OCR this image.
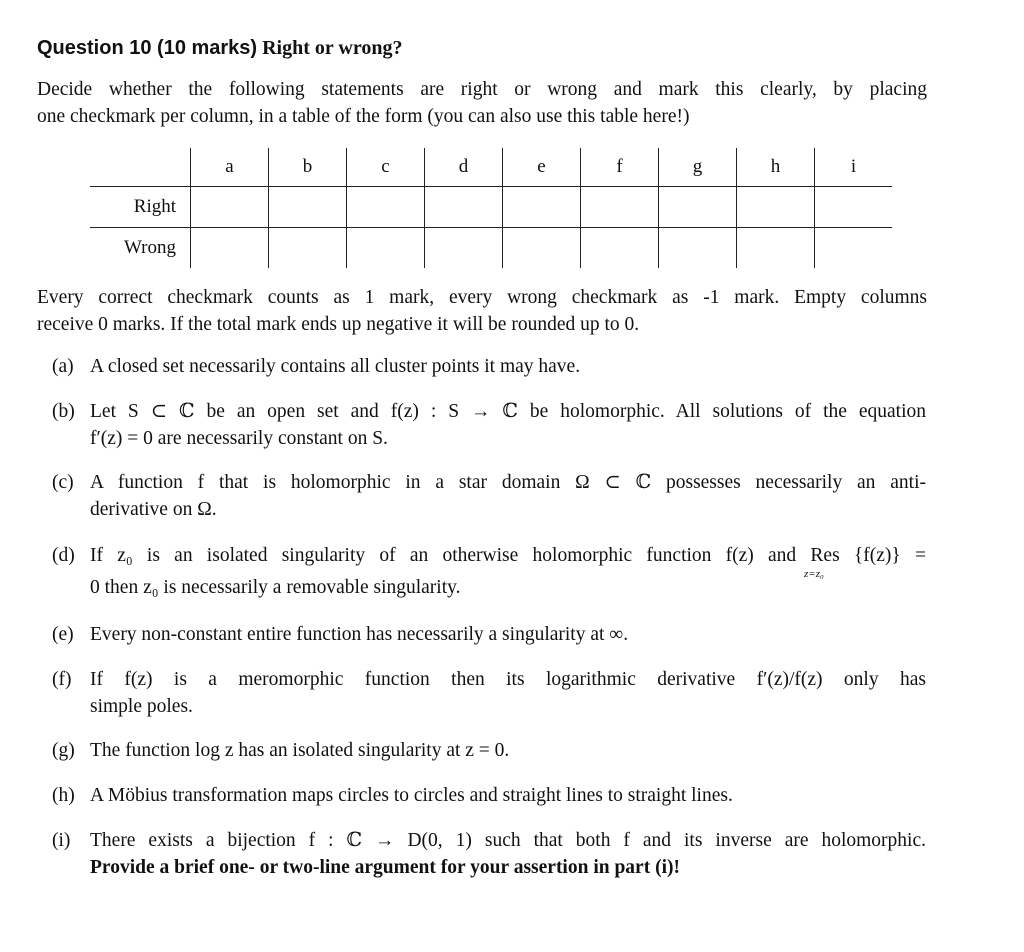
Question 10 (10 marks) Right or wrong?
Decide whether the following statements are right or wrong and mark this clearly, by placing
one checkmark per column, in a table of the form (you can also use this table here!)
	a	b	c	d	e	f	g	h	i
Right									
Wrong									
Every correct checkmark counts as 1 mark, every wrong checkmark as -1 mark. Empty columns
receive 0 marks. If the total mark ends up negative it will be rounded up to 0.
(a) A closed set necessarily contains all cluster points it may have.
(b) Let S ⊂ ℂ be an open set and f(z) : S → ℂ be holomorphic. All solutions of the equation
f′(z) = 0 are necessarily constant on S.
(c) A function f that is holomorphic in a star domain Ω ⊂ ℂ possesses necessarily an anti-
derivative on Ω.
(d) If z₀ is an isolated singularity of an otherwise holomorphic function f(z) and Res {f(z)} =
0 then z₀ is necessarily a removable singularity.
z=z₀
(e) Every non-constant entire function has necessarily a singularity at ∞.
(f) If f(z) is a meromorphic function then its logarithmic derivative f′(z)/f(z) only has
simple poles.
(g) The function log z has an isolated singularity at z = 0.
(h) A Möbius transformation maps circles to circles and straight lines to straight lines.
(i) There exists a bijection f : ℂ → D(0, 1) such that both f and its inverse are holomorphic.
Provide a brief one- or two-line argument for your assertion in part (i)!
